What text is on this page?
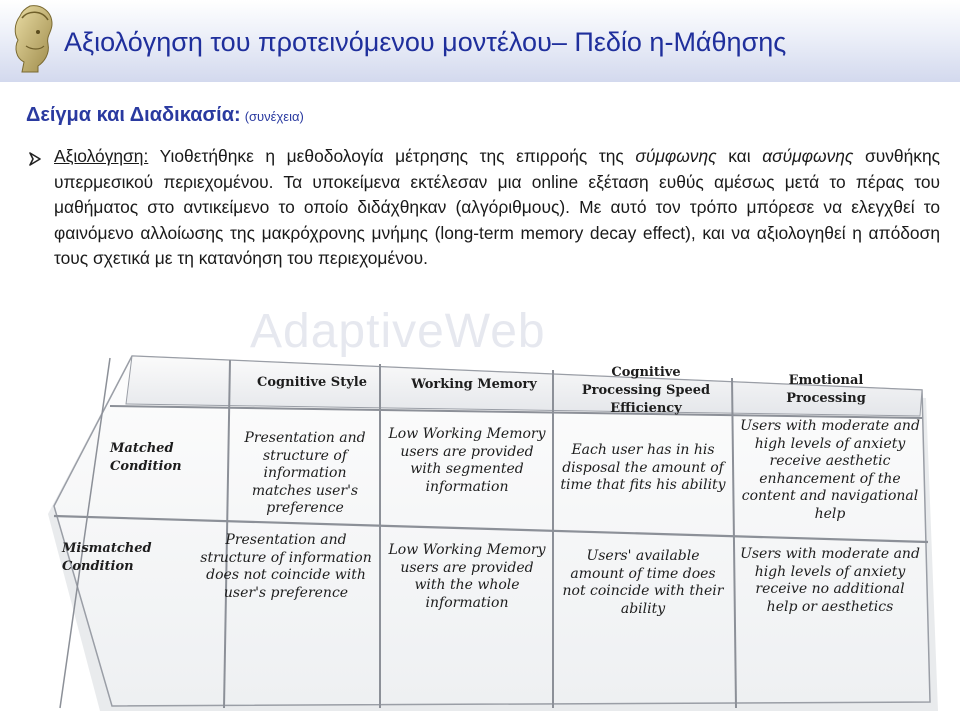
Αξιολόγηση του προτεινόμενου μοντέλου– Πεδίο η-Μάθησης
Δείγμα και Διαδικασία: (συνέχεια)
Αξιολόγηση: Υιοθετήθηκε η μεθοδολογία μέτρησης της επιρροής της σύμφωνης και ασύμφωνης συνθήκης υπερμεσικού περιεχομένου. Τα υποκείμενα εκτέλεσαν μια online εξέταση ευθύς αμέσως μετά το πέρας του μαθήματος στο αντικείμενο το οποίο διδάχθηκαν (αλγόριθμους). Με αυτό τον τρόπο μπόρεσε να ελεγχθεί το φαινόμενο αλλοίωσης της μακρόχρονης μνήμης (long-term memory decay effect), και να αξιολογηθεί η απόδοση τους σχετικά με τη κατανόηση του περιεχομένου.
AdaptiveWeb
Cognitive Style	Working Memory
Cognitive Processing Speed Efficiency
Emotional Processing
Matched Condition
Mismatched Condition
Presentation and structure of information matches user's preference
Low Working Memory users are provided with segmented information
Each user has in his disposal the amount of time that fits his ability
Users with moderate and high levels of anxiety receive aesthetic enhancement of the content and navigational help
Presentation and structure of information does not coincide with user's preference
Low Working Memory users are provided with the whole information
Users' available amount of time does not coincide with their ability
Users with moderate and high levels of anxiety receive no additional help or aesthetics
